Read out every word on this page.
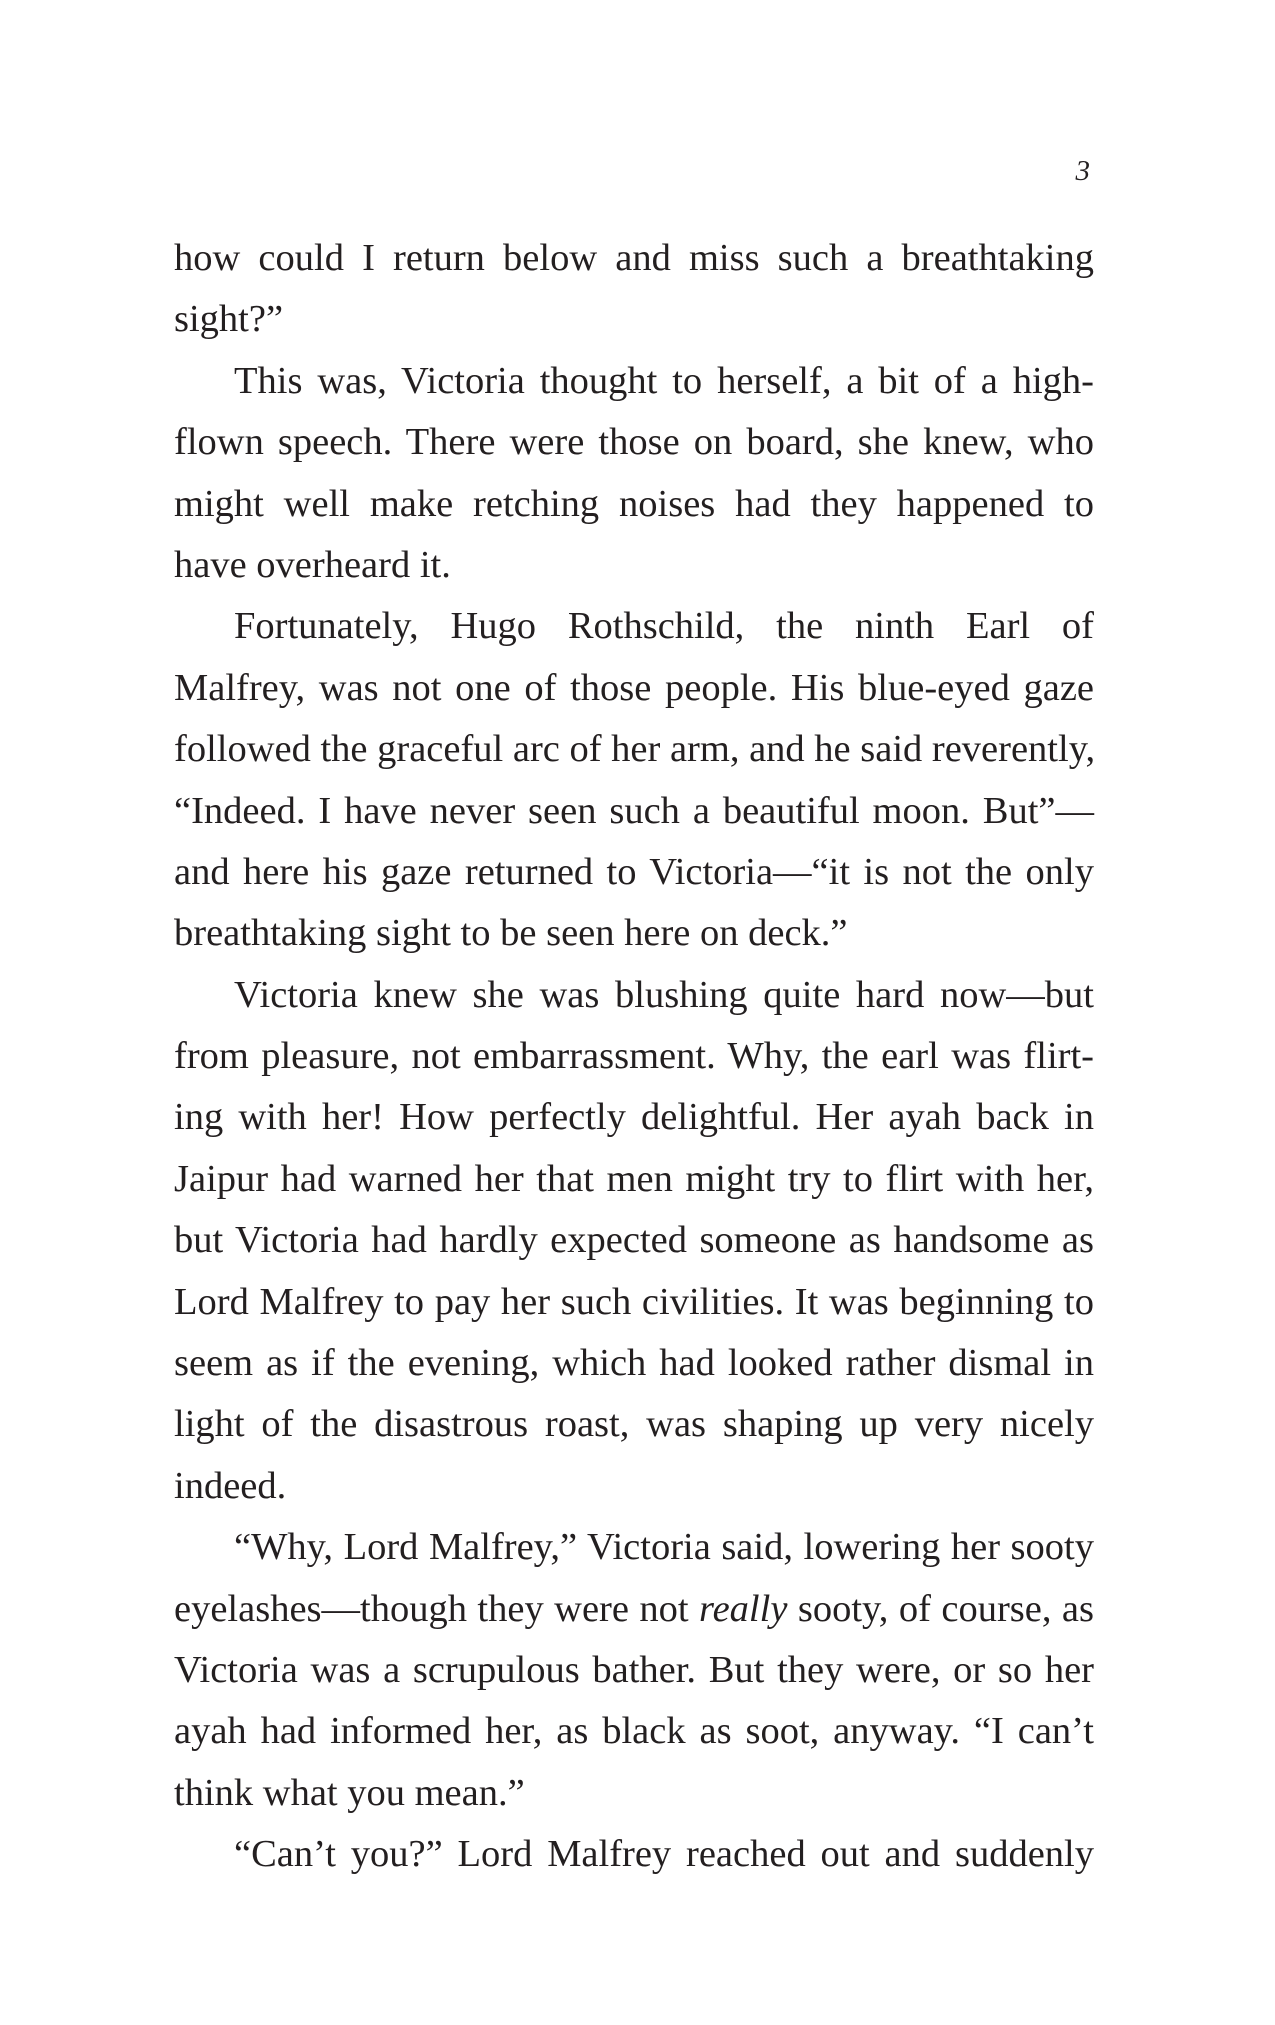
3
how could I return below and miss such a breathtaking
sight?”
This was, Victoria thought to herself, a bit of a high-
flown speech. There were those on board, she knew, who
might well make retching noises had they happened to
have overheard it.
Fortunately, Hugo Rothschild, the ninth Earl of
Malfrey, was not one of those people. His blue-eyed gaze
followed the graceful arc of her arm, and he said reverently,
“Indeed. I have never seen such a beautiful moon. But”—
and here his gaze returned to Victoria—“it is not the only
breathtaking sight to be seen here on deck.”
Victoria knew she was blushing quite hard now—but
from pleasure, not embarrassment. Why, the earl was flirt-
ing with her! How perfectly delightful. Her ayah back in
Jaipur had warned her that men might try to flirt with her,
but Victoria had hardly expected someone as handsome as
Lord Malfrey to pay her such civilities. It was beginning to
seem as if the evening, which had looked rather dismal in
light of the disastrous roast, was shaping up very nicely
indeed.
“Why, Lord Malfrey,” Victoria said, lowering her sooty
eyelashes—though they were not really sooty, of course, as
Victoria was a scrupulous bather. But they were, or so her
ayah had informed her, as black as soot, anyway. “I can’t
think what you mean.”
“Can’t you?” Lord Malfrey reached out and suddenly
